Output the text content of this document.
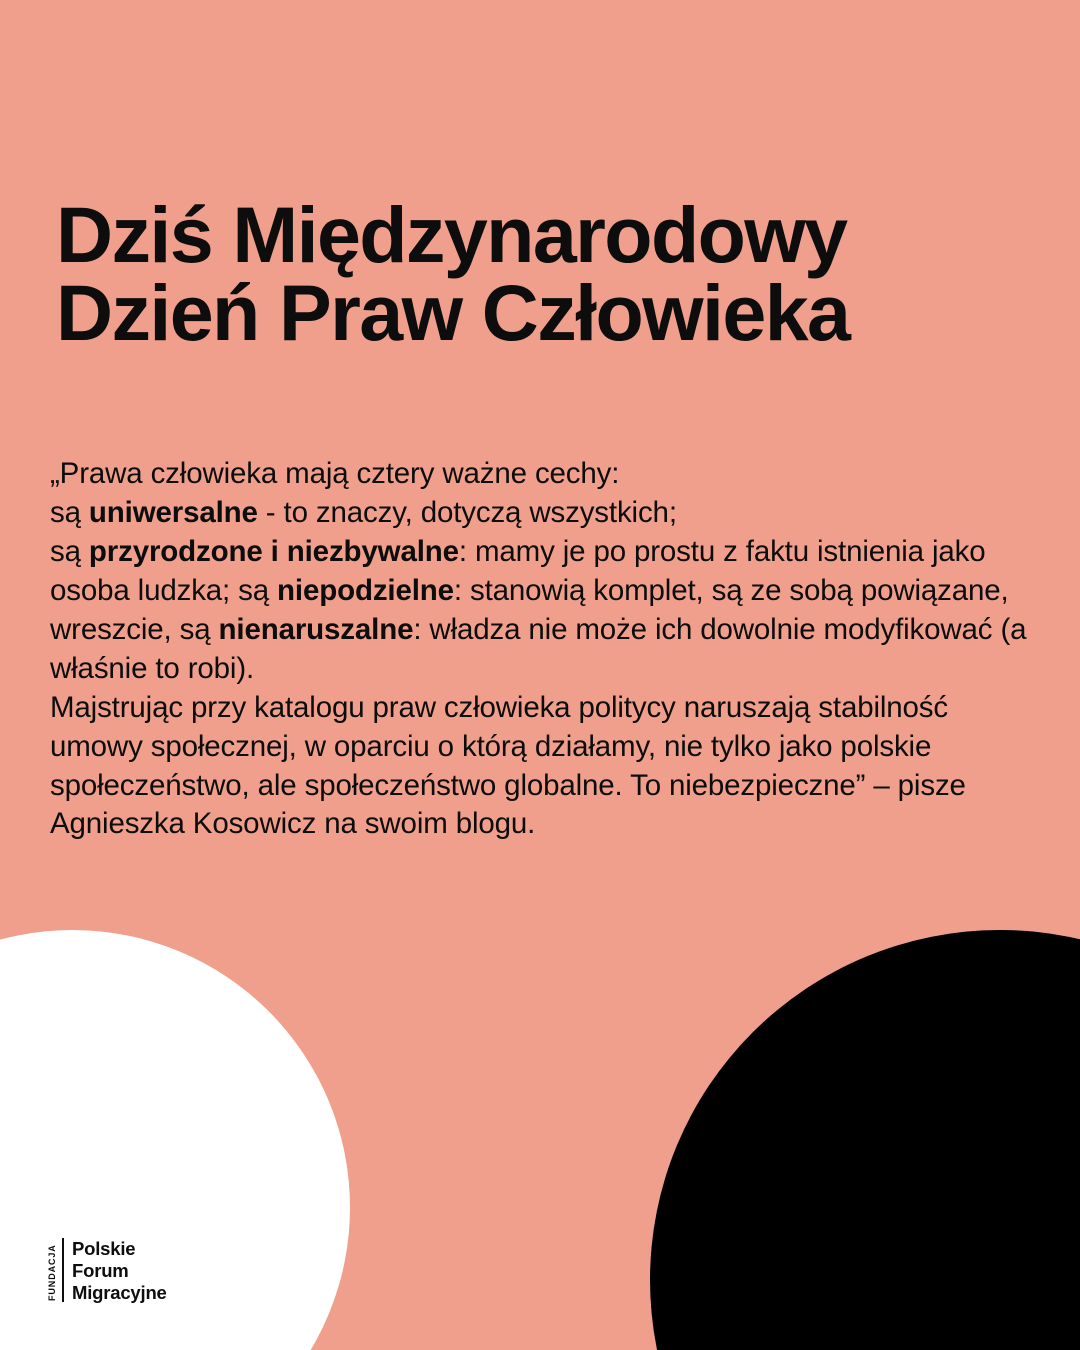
Dziś Międzynarodowy
Dzień Praw Człowieka

„Prawa człowieka mają cztery ważne cechy:
są uniwersalne - to znaczy, dotyczą wszystkich;
są przyrodzone i niezbywalne: mamy je po prostu z faktu istnienia jako osoba ludzka; są niepodzielne: stanowią komplet, są ze sobą powiązane, wreszcie, są nienaruszalne: władza nie może ich dowolnie modyfikować (a właśnie to robi).

Majstrując przy katalogu praw człowieka politycy naruszają stabilność umowy społecznej, w oparciu o którą działamy, nie tylko jako polskie społeczeństwo, ale społeczeństwo globalne. To niebezpieczne” – pisze Agnieszka Kosowicz na swoim blogu.

FUNDACJA Polskie
Forum
Migracyjne
